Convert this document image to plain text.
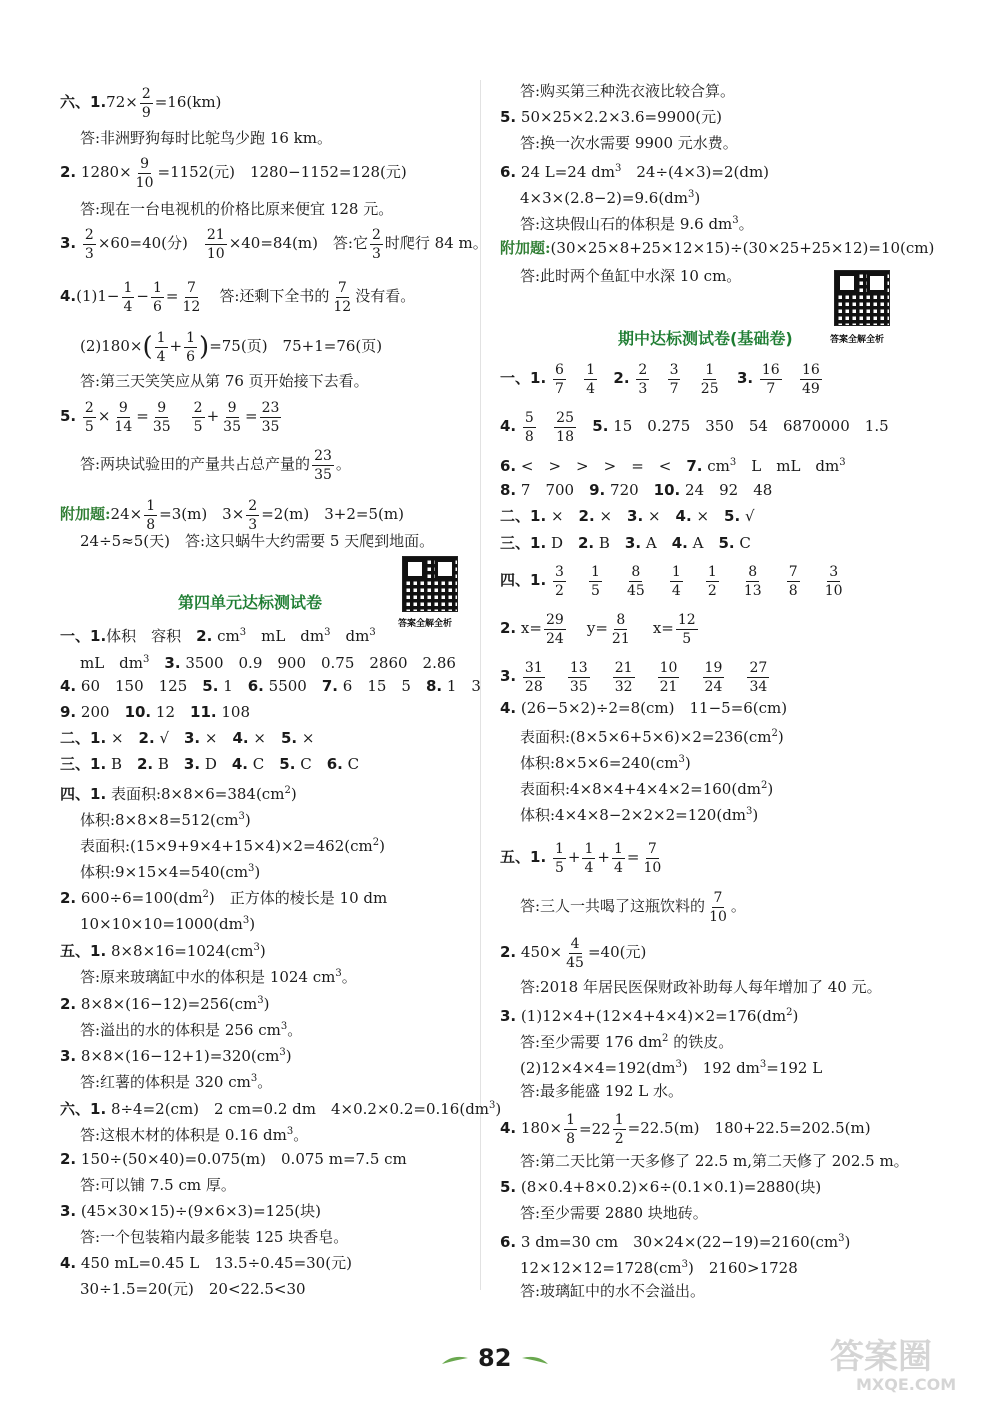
六、$1.72\times \frac{2}{9} =16(km)$
答:非洲野狗每时比鸵鸟少跑 16 km。
2. $1280\times \frac{9}{10} =1152$(元)　1280−1152=128(元)
答:现在一台电视机的价格比原来便宜 128 元。
3. $\frac{2}{3} \times 60=40$(分)　 $\frac{21}{10} \times 40=84(m)$　答:它 $\frac{2}{3}$ 时爬行 84 m。
$4.(1)1- \frac{1}{4} - \frac{1}{6} = \frac{7}{12}$ 　答:还剩下全书的 $\frac{7}{12}$ 没有看。
$(2)180\times( \frac{1}{4} + \frac{1}{6} )=75$(页)　75+1=76(页)
答:第三天笑笑应从第 76 页开始接下去看。
5. $\frac{2}{5} \times \frac{9}{14} = \frac{9}{35}$
　 $\frac{2}{5} + \frac{9}{35} = \frac{23}{35}$
答:两块试验田的产量共占总产量的 $\frac{23}{35}$ 。
附加题:24× $\frac{1}{8} =3(m)$　$3\times \frac{2}{3} =2(m)$　3+2=5(m)
24÷5≈5(天)　答:这只蜗牛大约需要 5 天爬到地面。
第四单元达标测试卷
答案全解全析
一、1.体积　容积　2. $cm^3$　mL　$dm^3$　$dm^3$
mL　$dm^3$　 3. 3500　0.9　900　0.75　2860　2.86
4. 60　150　125　5. 1　6. 5500　7. 6　15　5　8. 1　3
9. 200　10. 12　11. 108
二、1. ×　2. √　3. ×　4. ×　5. ×
三、1. B　2. B　3. D　4. C　5. C　6. C
四、1. 表面积$:8\times 8\times 6=384(cm^2)$
体积$:8\times 8\times 8=512(cm^3)$
表面积$:(15\times 9+9\times 4+15\times 4)\times 2=462(cm^2)$
体积$:9\times 15\times 4=540(cm^3)$
2. $600\div 6=100(dm^2)$　正方体的棱长是 10 dm
$10\times 10\times 10=1000(dm^3)$
五、1. $8\times 8\times 16=1024(cm^3)$
答:原来玻璃缸中水的体积是 1024 $cm^3$。
2. $8\times 8\times(16-12)=256(cm^3)$
答:溢出的水的体积是 256 $cm^3$。
3. $8\times 8\times(16-12+1)=320(cm^3)$
答:红薯的体积是 320 $cm^3$。
六、1. 8÷4=2(cm)　2 cm=0.2 dm　$4\times 0.2\times 0.2=0.16(dm^3)$
答:这根木材的体积是 0.16 $dm^3$。
2. 150÷(50×40)=0.075(m)　0.075 m=7.5 cm
答:可以铺 7.5 cm 厚。
3. (45×30×15)÷(9×6×3)=125(块)
答:一个包装箱内最多能装 125 块香皂。
4. 450 mL=0.45 L　13.5÷0.45=30(元)
30÷1.5=20(元)　20<22.5<30
答:购买第三种洗衣液比较合算。
5. 50×25×2.2×3.6=9900(元)
答:换一次水需要 9900 元水费。
6. 24 L=24 $dm^3$　24÷(4×3)=2(dm)
$4\times 3\times(2.8-2)=9.6(dm^3)$
答:这块假山石的体积是 9.6 $dm^3$。
附加题:(30×25×8+25×12×15)÷(30×25+25×12)=10(cm)
答:此时两个鱼缸中水深 10 cm。
答案全解全析
期中达标测试卷(基础卷)
一、1. $\frac{6}{7}$
$\frac{1}{4} 2$. $\frac{2}{3}$
$\frac{3}{7}$
$\frac{1}{25} 3$. $\frac{16}{7}$
$\frac{16}{49}$
4. $\frac{5}{8}$
$\frac{25}{18} 5$. 15　0.275　350　54　6870000　1.5
6. <　>　>　>　=　<　7. $cm^3$　L　mL　$dm^3$
8. 7　700　9. 720　10. 24　92　48
二、1. ×　2. ×　3. ×　4. ×　5. √
三、1. D　2. B　3. A　4. A　5. C
四、1. $\frac{3}{2}$
$\frac{1}{5}$
$\frac{8}{45}$
$\frac{1}{4}$
$\frac{1}{2}$
$\frac{8}{13}$
$\frac{7}{8}$
$\frac{3}{10}$
2. $x= \frac{29}{24} y= \frac{8}{21} x= \frac{12}{5}$
3. $\frac{31}{28}$
$\frac{13}{35}$
$\frac{21}{32}$
$\frac{10}{21}$
$\frac{19}{24}$
$\frac{27}{34}$
4. (26−5×2)÷2=8(cm)　11−5=6(cm)
表面积$:(8\times 5\times 6+5\times 6)\times 2=236(cm^2)$
体积$:8\times 5\times 6=240(cm^3)$
表面积$:4\times 8\times 4+4\times 4\times 2=160(dm^2)$
体积$:4\times 4\times 8-2\times 2\times 2=120(dm^3)$
五、1. $\frac{1}{5} + \frac{1}{4} + \frac{1}{4} = \frac{7}{10}$
答:三人一共喝了这瓶饮料的 $\frac{7}{10}$ 。
2. $450\times \frac{4}{45} =40$(元)
答:2018 年居民医保财政补助每人每年增加了 40 元。
3. $(1)12\times 4+(12\times 4+4\times 4)\times 2=176(dm^2)$
答:至少需要 176 $dm^2$ 的铁皮。
$(2)12\times 4\times 4=192(dm^3)$　192 $dm^3=192$ L
答:最多能盛 192 L 水。
4. $180\times \frac{1}{8} =22 \frac{1}{2} =22.5(m)$　180+22.5=202.5(m)
答:第二天比第一天多修了 22.5 m,第二天修了 202.5 m。
5. (8×0.4+8×0.2)×6÷(0.1×0.1)=2880(块)
答:至少需要 2880 块地砖。
6. 3 dm=30 cm　$30\times 24\times(22-19)=2160(cm^3)$
$12\times 12\times 12=1728(cm^3)$　2160>1728
答:玻璃缸中的水不会溢出。
82	答案圈
MXQE.COM
